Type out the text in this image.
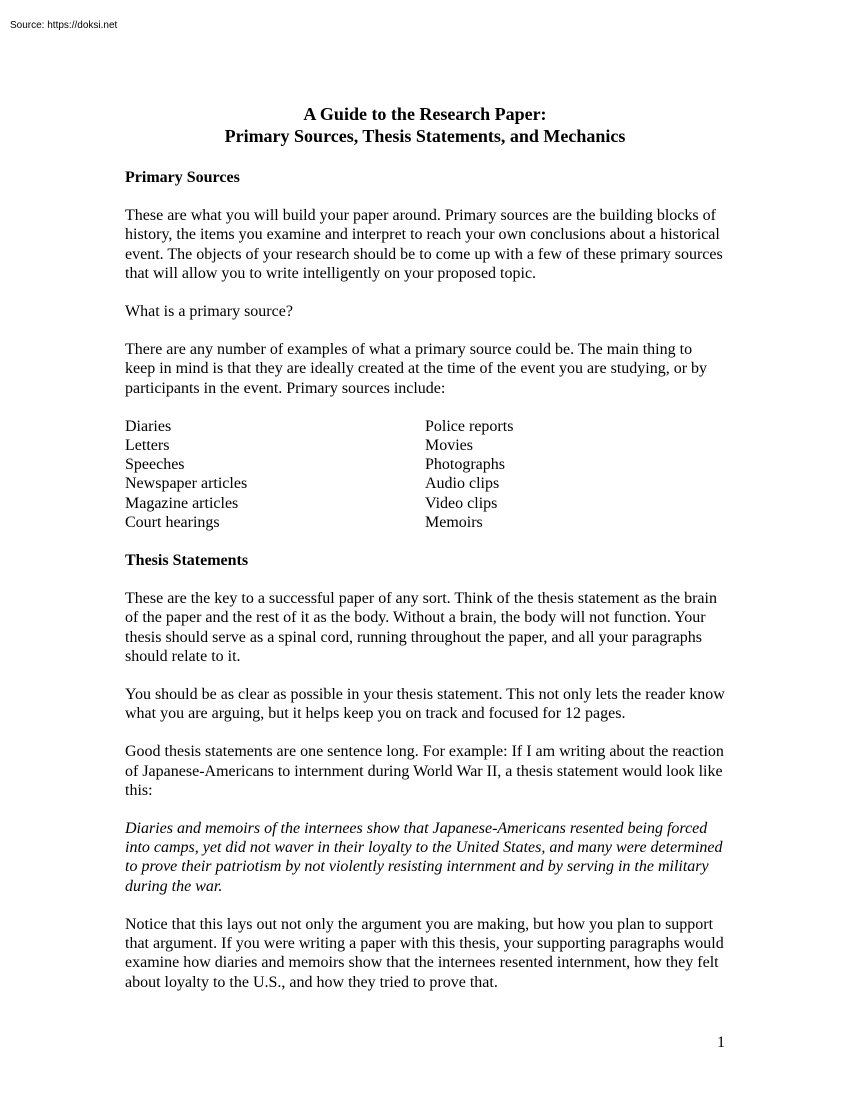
Source: https://doksi.net

A Guide to the Research Paper:

Primary Sources, Thesis Statements, and Mechanics

Primary Sources

These are what you will build your paper around. Primary sources are the building blocks of history, the items you examine and interpret to reach your own conclusions about a historical event. The objects of your research should be to come up with a few of these primary sources that will allow you to write intelligently on your proposed topic.

What is a primary source?

There are any number of examples of what a primary source could be. The main thing to keep in mind is that they are ideally created at the time of the event you are studying, or by participants in the event. Primary sources include:

Diaries
Letters
Speeches
Newspaper articles
Magazine articles
Court hearings
Police reports
Movies
Photographs
Audio clips
Video clips
Memoirs

Thesis Statements

These are the key to a successful paper of any sort. Think of the thesis statement as the brain of the paper and the rest of it as the body. Without a brain, the body will not function. Your thesis should serve as a spinal cord, running throughout the paper, and all your paragraphs should relate to it.

You should be as clear as possible in your thesis statement. This not only lets the reader know what you are arguing, but it helps keep you on track and focused for 12 pages.

Good thesis statements are one sentence long. For example: If I am writing about the reaction of Japanese-Americans to internment during World War II, a thesis statement would look like this:

Diaries and memoirs of the internees show that Japanese-Americans resented being forced into camps, yet did not waver in their loyalty to the United States, and many were determined to prove their patriotism by not violently resisting internment and by serving in the military during the war.

Notice that this lays out not only the argument you are making, but how you plan to support that argument. If you were writing a paper with this thesis, your supporting paragraphs would examine how diaries and memoirs show that the internees resented internment, how they felt about loyalty to the U.S., and how they tried to prove that.

1
